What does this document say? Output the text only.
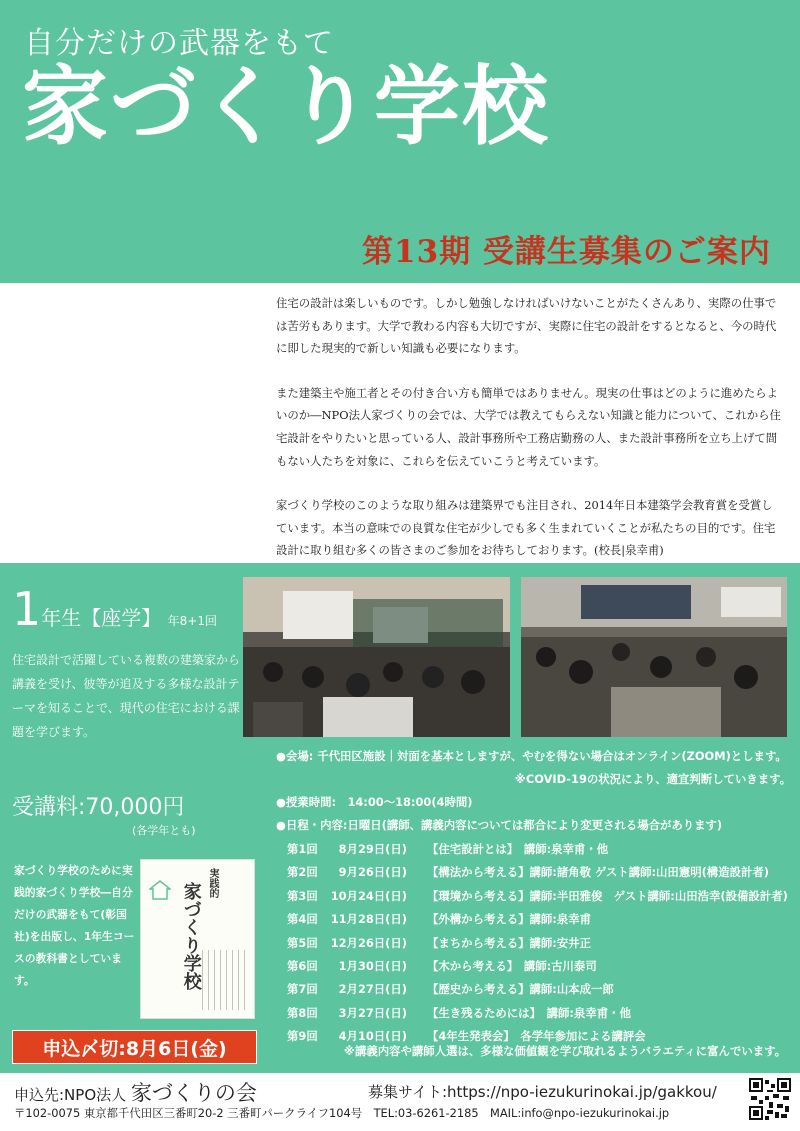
自分だけの武器をもて
家づくり学校
第13期 受講生募集のご案内

住宅の設計は楽しいものです。しかし勉強しなければいけないことがたくさんあり、実際の仕事では苦労もあります。大学で教わる内容も大切ですが、実際に住宅の設計をするとなると、今の時代に即した現実的で新しい知識も必要になります。

また建築主や施工者とその付き合い方も簡単ではありません。現実の仕事はどのように進めたらよいのか―NPO法人家づくりの会では、大学では教えてもらえない知識と能力について、これから住宅設計をやりたいと思っている人、設計事務所や工務店勤務の人、また設計事務所を立ち上げて間もない人たちを対象に、これらを伝えていこうと考えています。

家づくり学校のこのような取り組みは建築界でも注目され、2014年日本建築学会教育賞を受賞しています。本当の意味での良質な住宅が少しでも多く生まれていくことが私たちの目的です。住宅設計に取り組む多くの皆さまのご参加をお待ちしております。(校長|泉幸甫)

1年生【座学】 年8+1回
住宅設計で活躍している複数の建築家から講義を受け、彼等が追及する多様な設計テーマを知ることで、現代の住宅における課題を学びます。
受講料:70,000円
(各学年とも)
家づくり学校のために実践的家づくり学校―自分だけの武器をもて(彰国社)を出版し、1年生コースの教科書としています。
実践的
家づくり学校
申込〆切:8月6日(金)
●会場: 千代田区施設｜対面を基本としますが、やむを得ない場合はオンライン(ZOOM)とします。
※COVID-19の状況により、適宜判断していきます。
●授業時間:　14:00～18:00(4時間)
●日程・内容:日曜日(講師、講義内容については都合により変更される場合があります)
第1回 8月29日(日) 【住宅設計とは】　講師:泉幸甫・他
第2回 9月26日(日) 【構法から考える】講師:諸角敬 ゲスト講師:山田憲明(構造設計者)
第3回 10月24日(日) 【環境から考える】講師:半田雅俊　ゲスト講師:山田浩幸(設備設計者)
第4回 11月28日(日) 【外構から考える】講師:泉幸甫
第5回 12月26日(日) 【まちから考える】講師:安井正
第6回 1月30日(日) 【木から考える】　講師:古川泰司
第7回 2月27日(日) 【歴史から考える】講師:山本成一郎
第8回 3月27日(日) 【生き残るためには】　講師:泉幸甫・他
第9回 4月10日(日) 【4年生発表会】　各学年参加による講評会
※講義内容や講師人選は、多様な価値観を学び取れるようバラエティに富んでいます。
申込先:NPO法人 家づくりの会	募集サイト:https://npo-iezukurinokai.jp/gakkou/
〒102-0075 東京都千代田区三番町20-2 三番町パークライフ104号　TEL:03-6261-2185　MAIL:info@npo-iezukurinokai.jp
